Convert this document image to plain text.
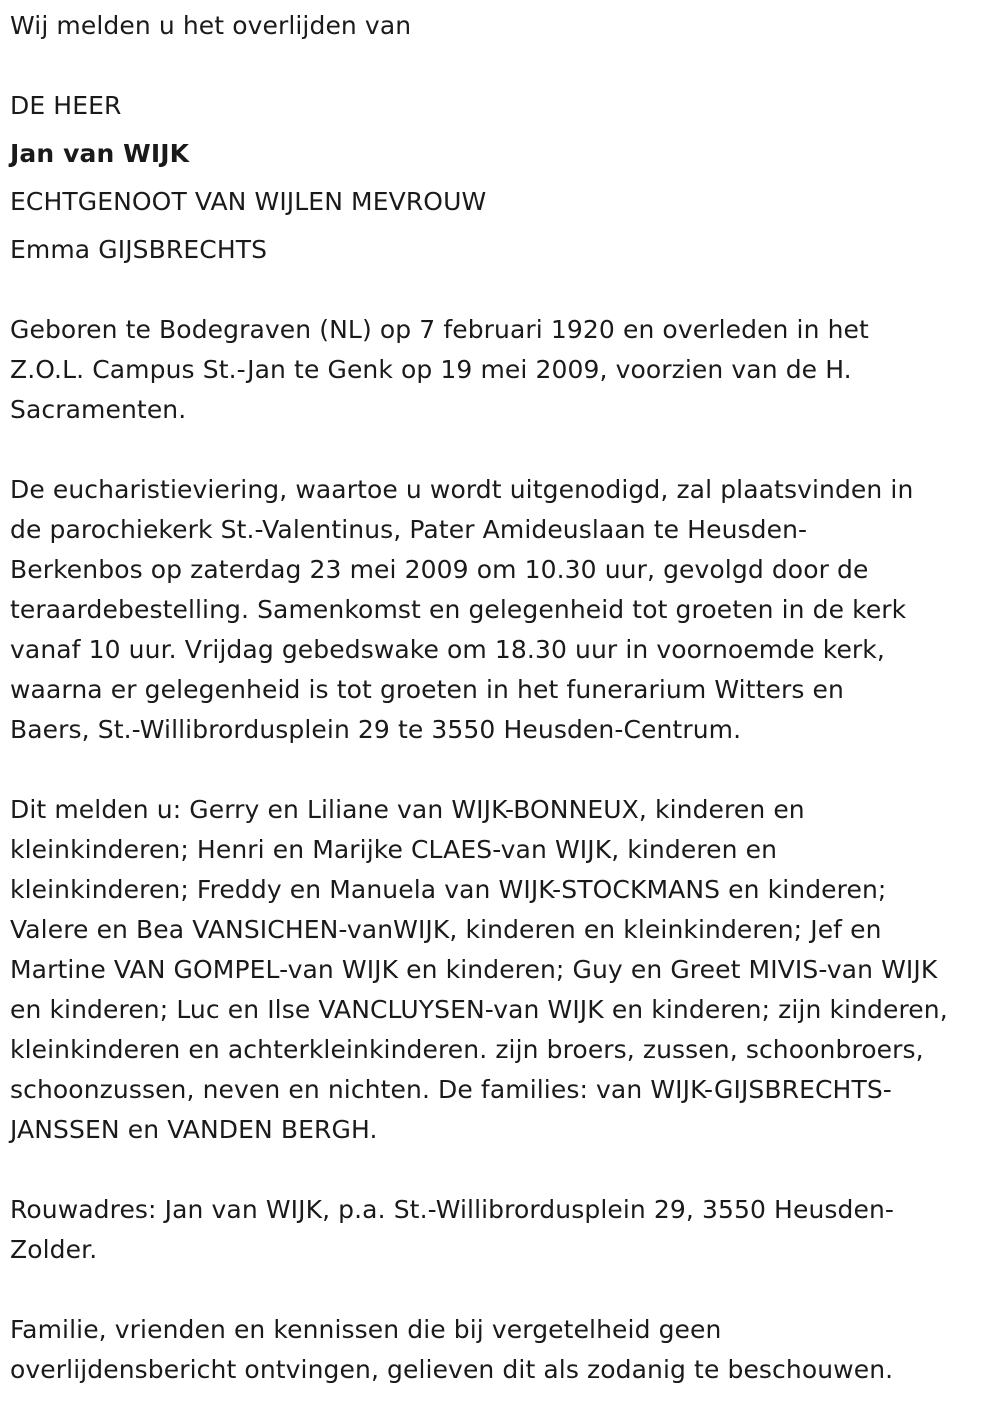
Wij melden u het overlijden van
DE HEER
Jan van WIJK
ECHTGENOOT VAN WIJLEN MEVROUW
Emma GIJSBRECHTS
Geboren te Bodegraven (NL) op 7 februari 1920 en overleden in het
Z.O.L. Campus St.-Jan te Genk op 19 mei 2009, voorzien van de H.
Sacramenten.
De eucharistieviering, waartoe u wordt uitgenodigd, zal plaatsvinden in
de parochiekerk St.-Valentinus, Pater Amideuslaan te Heusden-
Berkenbos op zaterdag 23 mei 2009 om 10.30 uur, gevolgd door de
teraardebestelling. Samenkomst en gelegenheid tot groeten in de kerk
vanaf 10 uur. Vrijdag gebedswake om 18.30 uur in voornoemde kerk,
waarna er gelegenheid is tot groeten in het funerarium Witters en
Baers, St.-Willibrordusplein 29 te 3550 Heusden-Centrum.
Dit melden u: Gerry en Liliane van WIJK-BONNEUX, kinderen en
kleinkinderen; Henri en Marijke CLAES-van WIJK, kinderen en
kleinkinderen; Freddy en Manuela van WIJK-STOCKMANS en kinderen;
Valere en Bea VANSICHEN-vanWIJK, kinderen en kleinkinderen; Jef en
Martine VAN GOMPEL-van WIJK en kinderen; Guy en Greet MIVIS-van WIJK
en kinderen; Luc en Ilse VANCLUYSEN-van WIJK en kinderen; zijn kinderen,
kleinkinderen en achterkleinkinderen. zijn broers, zussen, schoonbroers,
schoonzussen, neven en nichten. De families: van WIJK-GIJSBRECHTS-
JANSSEN en VANDEN BERGH.
Rouwadres: Jan van WIJK, p.a. St.-Willibrordusplein 29, 3550 Heusden-
Zolder.
Familie, vrienden en kennissen die bij vergetelheid geen
overlijdensbericht ontvingen, gelieven dit als zodanig te beschouwen.
